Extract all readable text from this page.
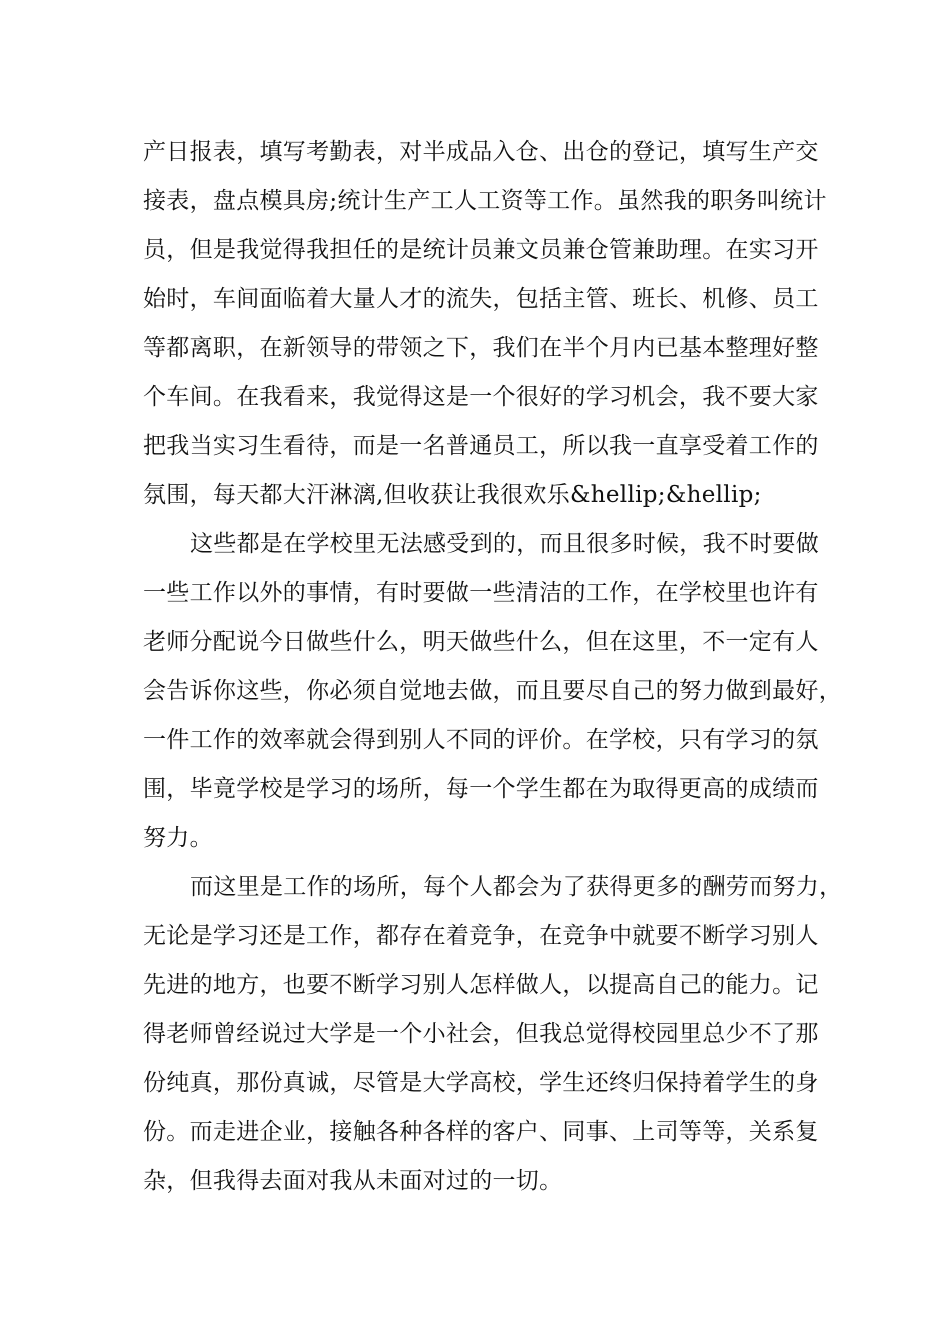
产日报表，填写考勤表，对半成品入仓、出仓的登记，填写生产交
接表，盘点模具房;统计生产工人工资等工作。虽然我的职务叫统计
员，但是我觉得我担任的是统计员兼文员兼仓管兼助理。在实习开
始时，车间面临着大量人才的流失，包括主管、班长、机修、员工
等都离职，在新领导的带领之下，我们在半个月内已基本整理好整
个车间。在我看来，我觉得这是一个很好的学习机会，我不要大家
把我当实习生看待，而是一名普通员工，所以我一直享受着工作的
氛围，每天都大汗淋漓,但收获让我很欢乐&hellip;&hellip;
这些都是在学校里无法感受到的，而且很多时候，我不时要做
一些工作以外的事情，有时要做一些清洁的工作，在学校里也许有
老师分配说今日做些什么，明天做些什么，但在这里，不一定有人
会告诉你这些，你必须自觉地去做，而且要尽自己的努力做到最好，
一件工作的效率就会得到别人不同的评价。在学校，只有学习的氛
围，毕竟学校是学习的场所，每一个学生都在为取得更高的成绩而
努力。
而这里是工作的场所，每个人都会为了获得更多的酬劳而努力，
无论是学习还是工作，都存在着竞争，在竞争中就要不断学习别人
先进的地方，也要不断学习别人怎样做人，以提高自己的能力。记
得老师曾经说过大学是一个小社会，但我总觉得校园里总少不了那
份纯真，那份真诚，尽管是大学高校，学生还终归保持着学生的身
份。而走进企业，接触各种各样的客户、同事、上司等等，关系复
杂，但我得去面对我从未面对过的一切。
